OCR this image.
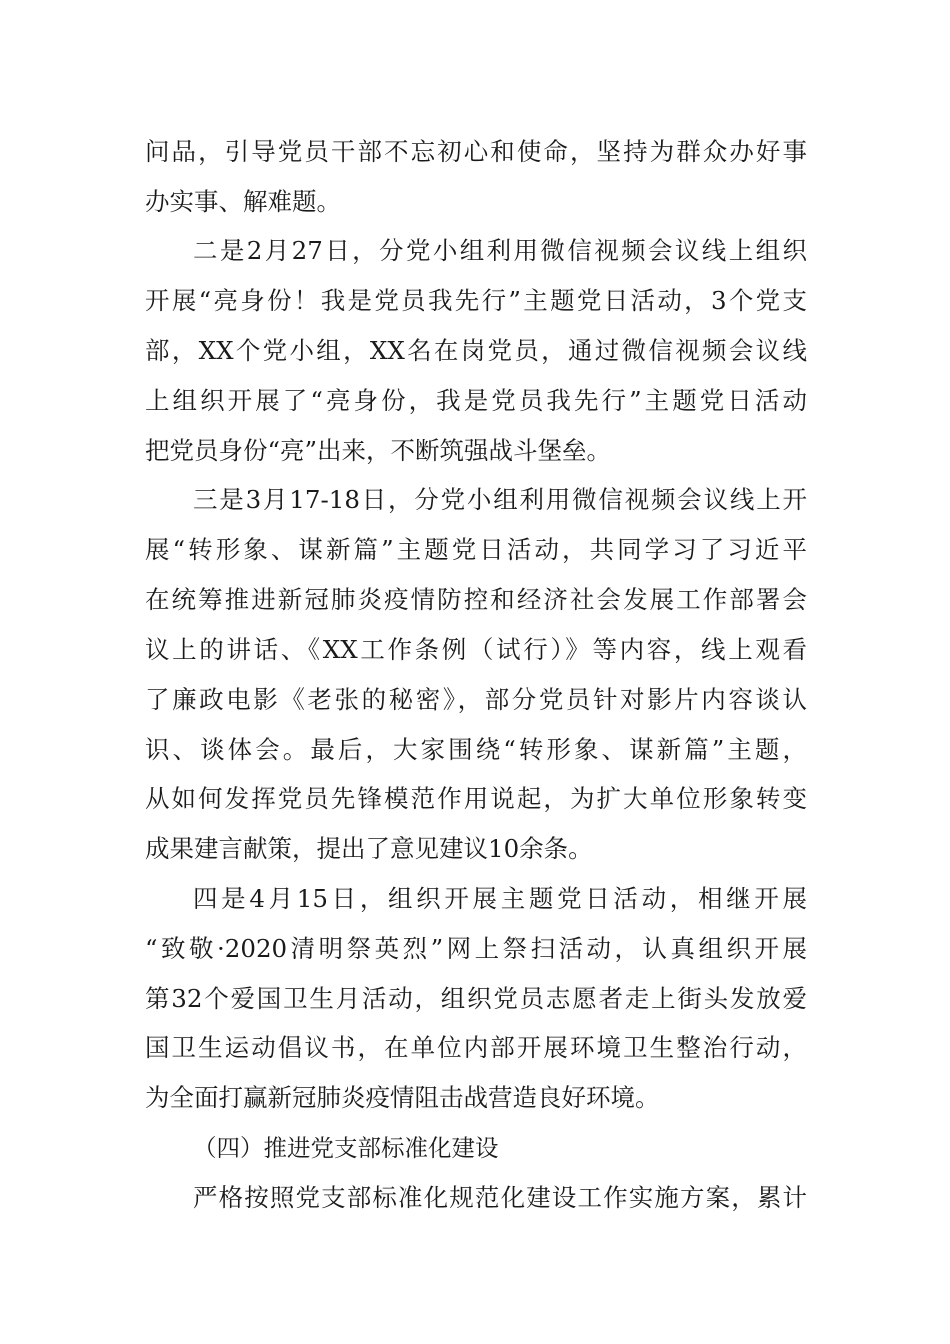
问品，引导党员干部不忘初心和使命，坚持为群众办好事
办实事、解难题。
二是2月27日，分党小组利用微信视频会议线上组织
开展“亮身份！我是党员我先行”主题党日活动，3个党支
部，XX个党小组，XX名在岗党员，通过微信视频会议线
上组织开展了“亮身份，我是党员我先行”主题党日活动
把党员身份“亮”出来，不断筑强战斗堡垒。
三是3月17-18日，分党小组利用微信视频会议线上开
展“转形象、谋新篇”主题党日活动，共同学习了习近平
在统筹推进新冠肺炎疫情防控和经济社会发展工作部署会
议上的讲话、《XX工作条例（试行）》等内容，线上观看
了廉政电影《老张的秘密》，部分党员针对影片内容谈认
识、谈体会。最后，大家围绕“转形象、谋新篇”主题，
从如何发挥党员先锋模范作用说起，为扩大单位形象转变
成果建言献策，提出了意见建议10余条。
四是4月15日，组织开展主题党日活动，相继开展
“致敬·2020清明祭英烈”网上祭扫活动，认真组织开展
第32个爱国卫生月活动，组织党员志愿者走上街头发放爱
国卫生运动倡议书，在单位内部开展环境卫生整治行动，
为全面打赢新冠肺炎疫情阻击战营造良好环境。
（四）推进党支部标准化建设
严格按照党支部标准化规范化建设工作实施方案，累计
